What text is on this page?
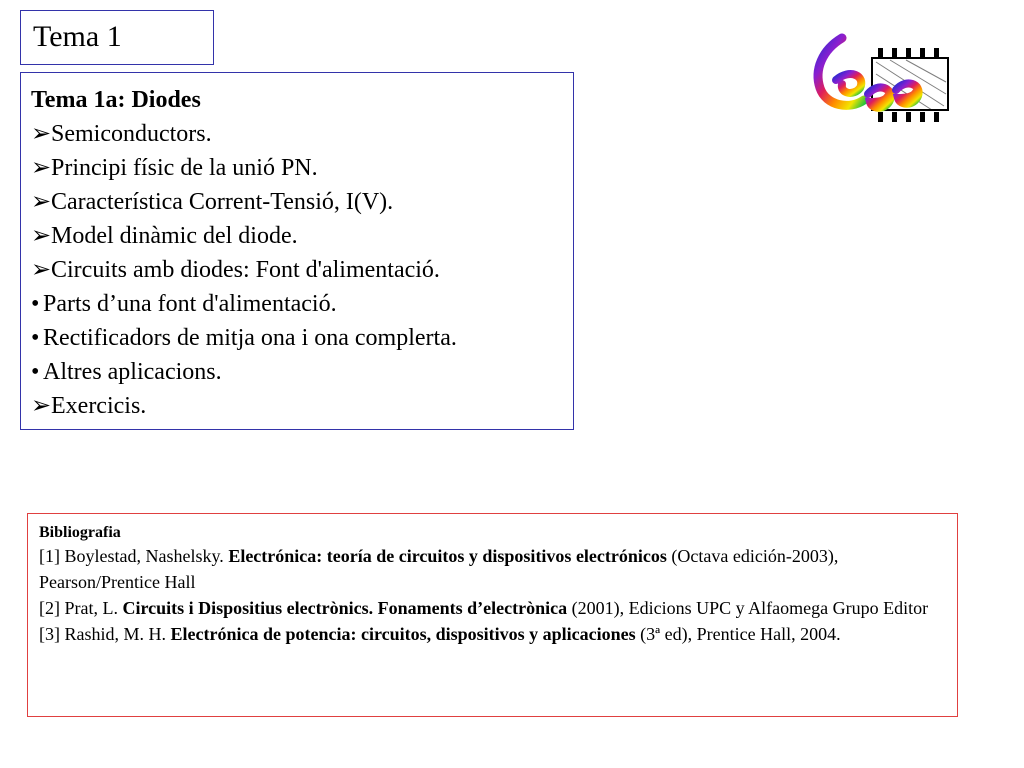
Tema 1
Tema 1a: Diodes
➢Semiconductors.
➢Principi físic de la unió PN.
➢Característica Corrent-Tensió, I(V).
➢Model dinàmic del diode.
➢Circuits amb diodes: Font d'alimentació.
• Parts d’una font d'alimentació.
• Rectificadors de mitja ona i ona complerta.
• Altres aplicacions.
➢Exercicis.
Bibliografia
[1] Boylestad, Nashelsky. Electrónica: teoría de circuitos y dispositivos electrónicos (Octava edición-2003), Pearson/Prentice Hall
[2] Prat, L. Circuits i Dispositius electrònics. Fonaments d’electrònica (2001), Edicions UPC y Alfaomega Grupo Editor
[3] Rashid, M. H. Electrónica de potencia: circuitos, dispositivos y aplicaciones (3ª ed), Prentice Hall, 2004.
